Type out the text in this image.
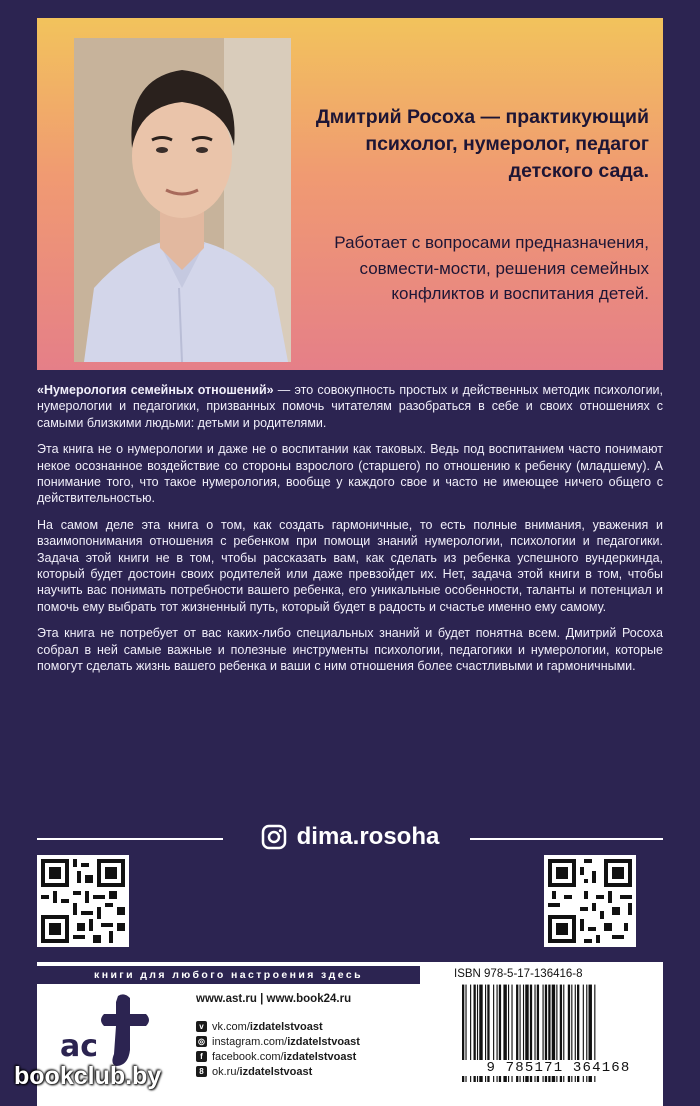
Дмитрий Росоха — практикующий психолог, нумеролог, педагог детского сада.
Работает с вопросами предназначения, совмести-мости, решения семейных конфликтов и воспитания детей.

«Нумерология семейных отношений» — это совокупность простых и действенных методик психологии, нумерологии и педагогики, призванных помочь читателям разобраться в себе и своих отношениях с самыми близкими людьми: детьми и родителями.

Эта книга не о нумерологии и даже не о воспитании как таковых. Ведь под воспитанием часто понимают некое осознанное воздействие со стороны взрослого (старшего) по отношению к ребенку (младшему). А понимание того, что такое нумерология, вообще у каждого свое и часто не имеющее ничего общего с действительностью.

На самом деле эта книга о том, как создать гармоничные, то есть полные внимания, уважения и взаимопонимания отношения с ребенком при помощи знаний нумерологии, психологии и педагогики. Задача этой книги не в том, чтобы рассказать вам, как сделать из ребенка успешного вундеркинда, который будет достоин своих родителей или даже превзойдет их. Нет, задача этой книги в том, чтобы научить вас понимать потребности вашего ребенка, его уникальные особенности, таланты и потенциал и помочь ему выбрать тот жизненный путь, который будет в радость и счастье именно ему самому.

Эта книга не потребует от вас каких-либо специальных знаний и будет понятна всем. Дмитрий Росоха собрал в ней самые важные и полезные инструменты психологии, педагогики и нумерологии, которые помогут сделать жизнь вашего ребенка и ваши с ним отношения более счастливыми и гармоничными.

dima.rosoha
книги для любого настроения здесь
ac
www.ast.ru | www.book24.ru
v vk.com/ izdatelstvoast
◎ instagram.com/ izdatelstvoast
f facebook.com/ izdatelstvoast
8 ok.ru/ izdatelstvoast
ISBN 978-5-17-136416-8
9 785171 364168
bookclub.by
